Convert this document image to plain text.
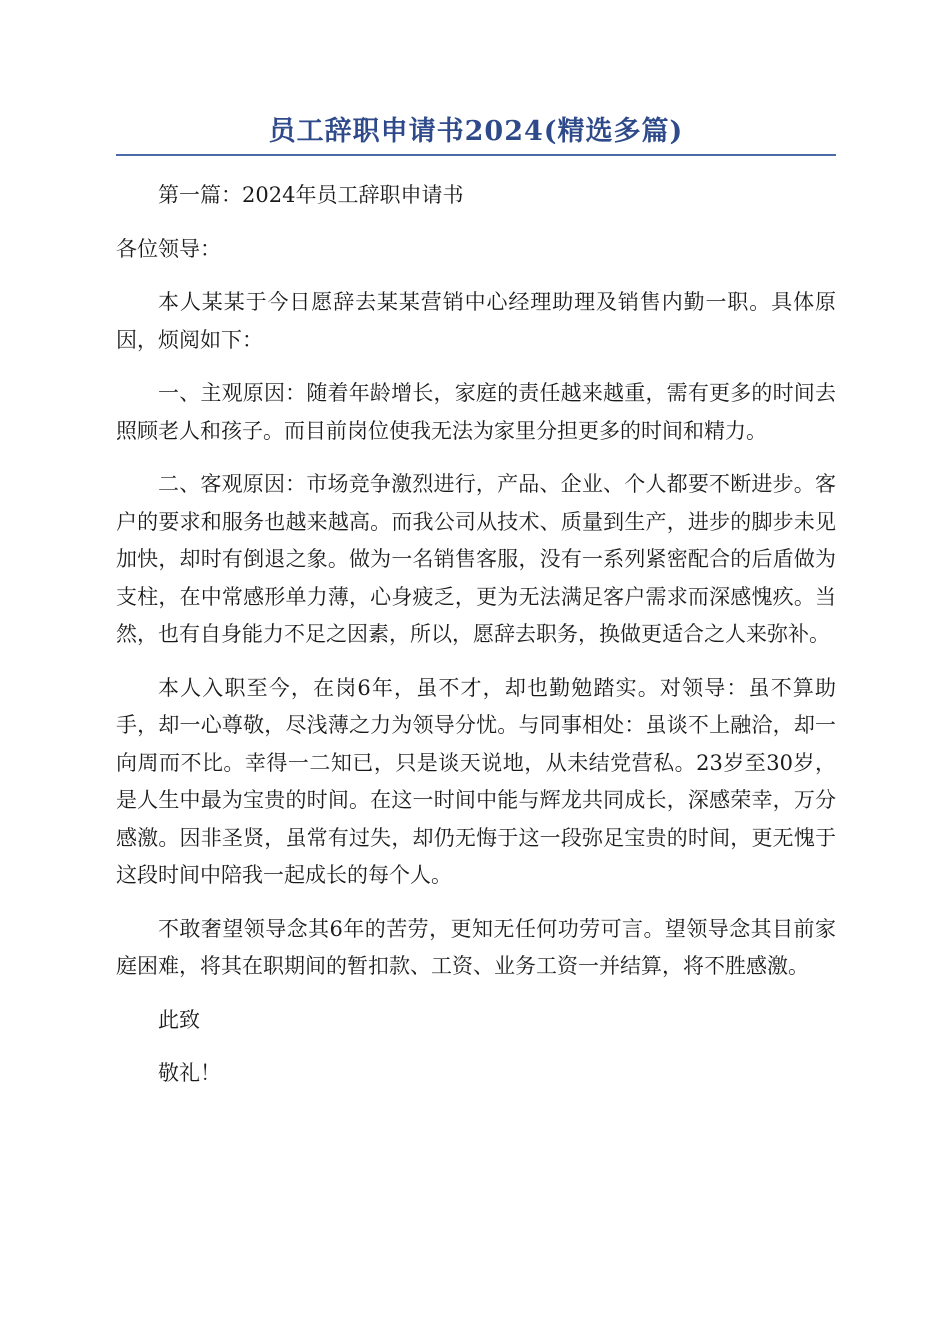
员工辞职申请书2024(精选多篇)

第一篇：2024年员工辞职申请书

各位领导：

本人某某于今日愿辞去某某营销中心经理助理及销售内勤一职。具体原因，烦阅如下：

一、主观原因：随着年龄增长，家庭的责任越来越重，需有更多的时间去照顾老人和孩子。而目前岗位使我无法为家里分担更多的时间和精力。

二、客观原因：市场竞争激烈进行，产品、企业、个人都要不断进步。客户的要求和服务也越来越高。而我公司从技术、质量到生产，进步的脚步未见加快，却时有倒退之象。做为一名销售客服，没有一系列紧密配合的后盾做为支柱，在中常感形单力薄，心身疲乏，更为无法满足客户需求而深感愧疚。当然，也有自身能力不足之因素，所以，愿辞去职务，换做更适合之人来弥补。

本人入职至今，在岗6年，虽不才，却也勤勉踏实。对领导：虽不算助手，却一心尊敬，尽浅薄之力为领导分忧。与同事相处：虽谈不上融洽，却一向周而不比。幸得一二知已，只是谈天说地，从未结党营私。23岁至30岁，是人生中最为宝贵的时间。在这一时间中能与辉龙共同成长，深感荣幸，万分感激。因非圣贤，虽常有过失，却仍无悔于这一段弥足宝贵的时间，更无愧于这段时间中陪我一起成长的每个人。

不敢奢望领导念其6年的苦劳，更知无任何功劳可言。望领导念其目前家庭困难，将其在职期间的暂扣款、工资、业务工资一并结算，将不胜感激。

此致

敬礼！
